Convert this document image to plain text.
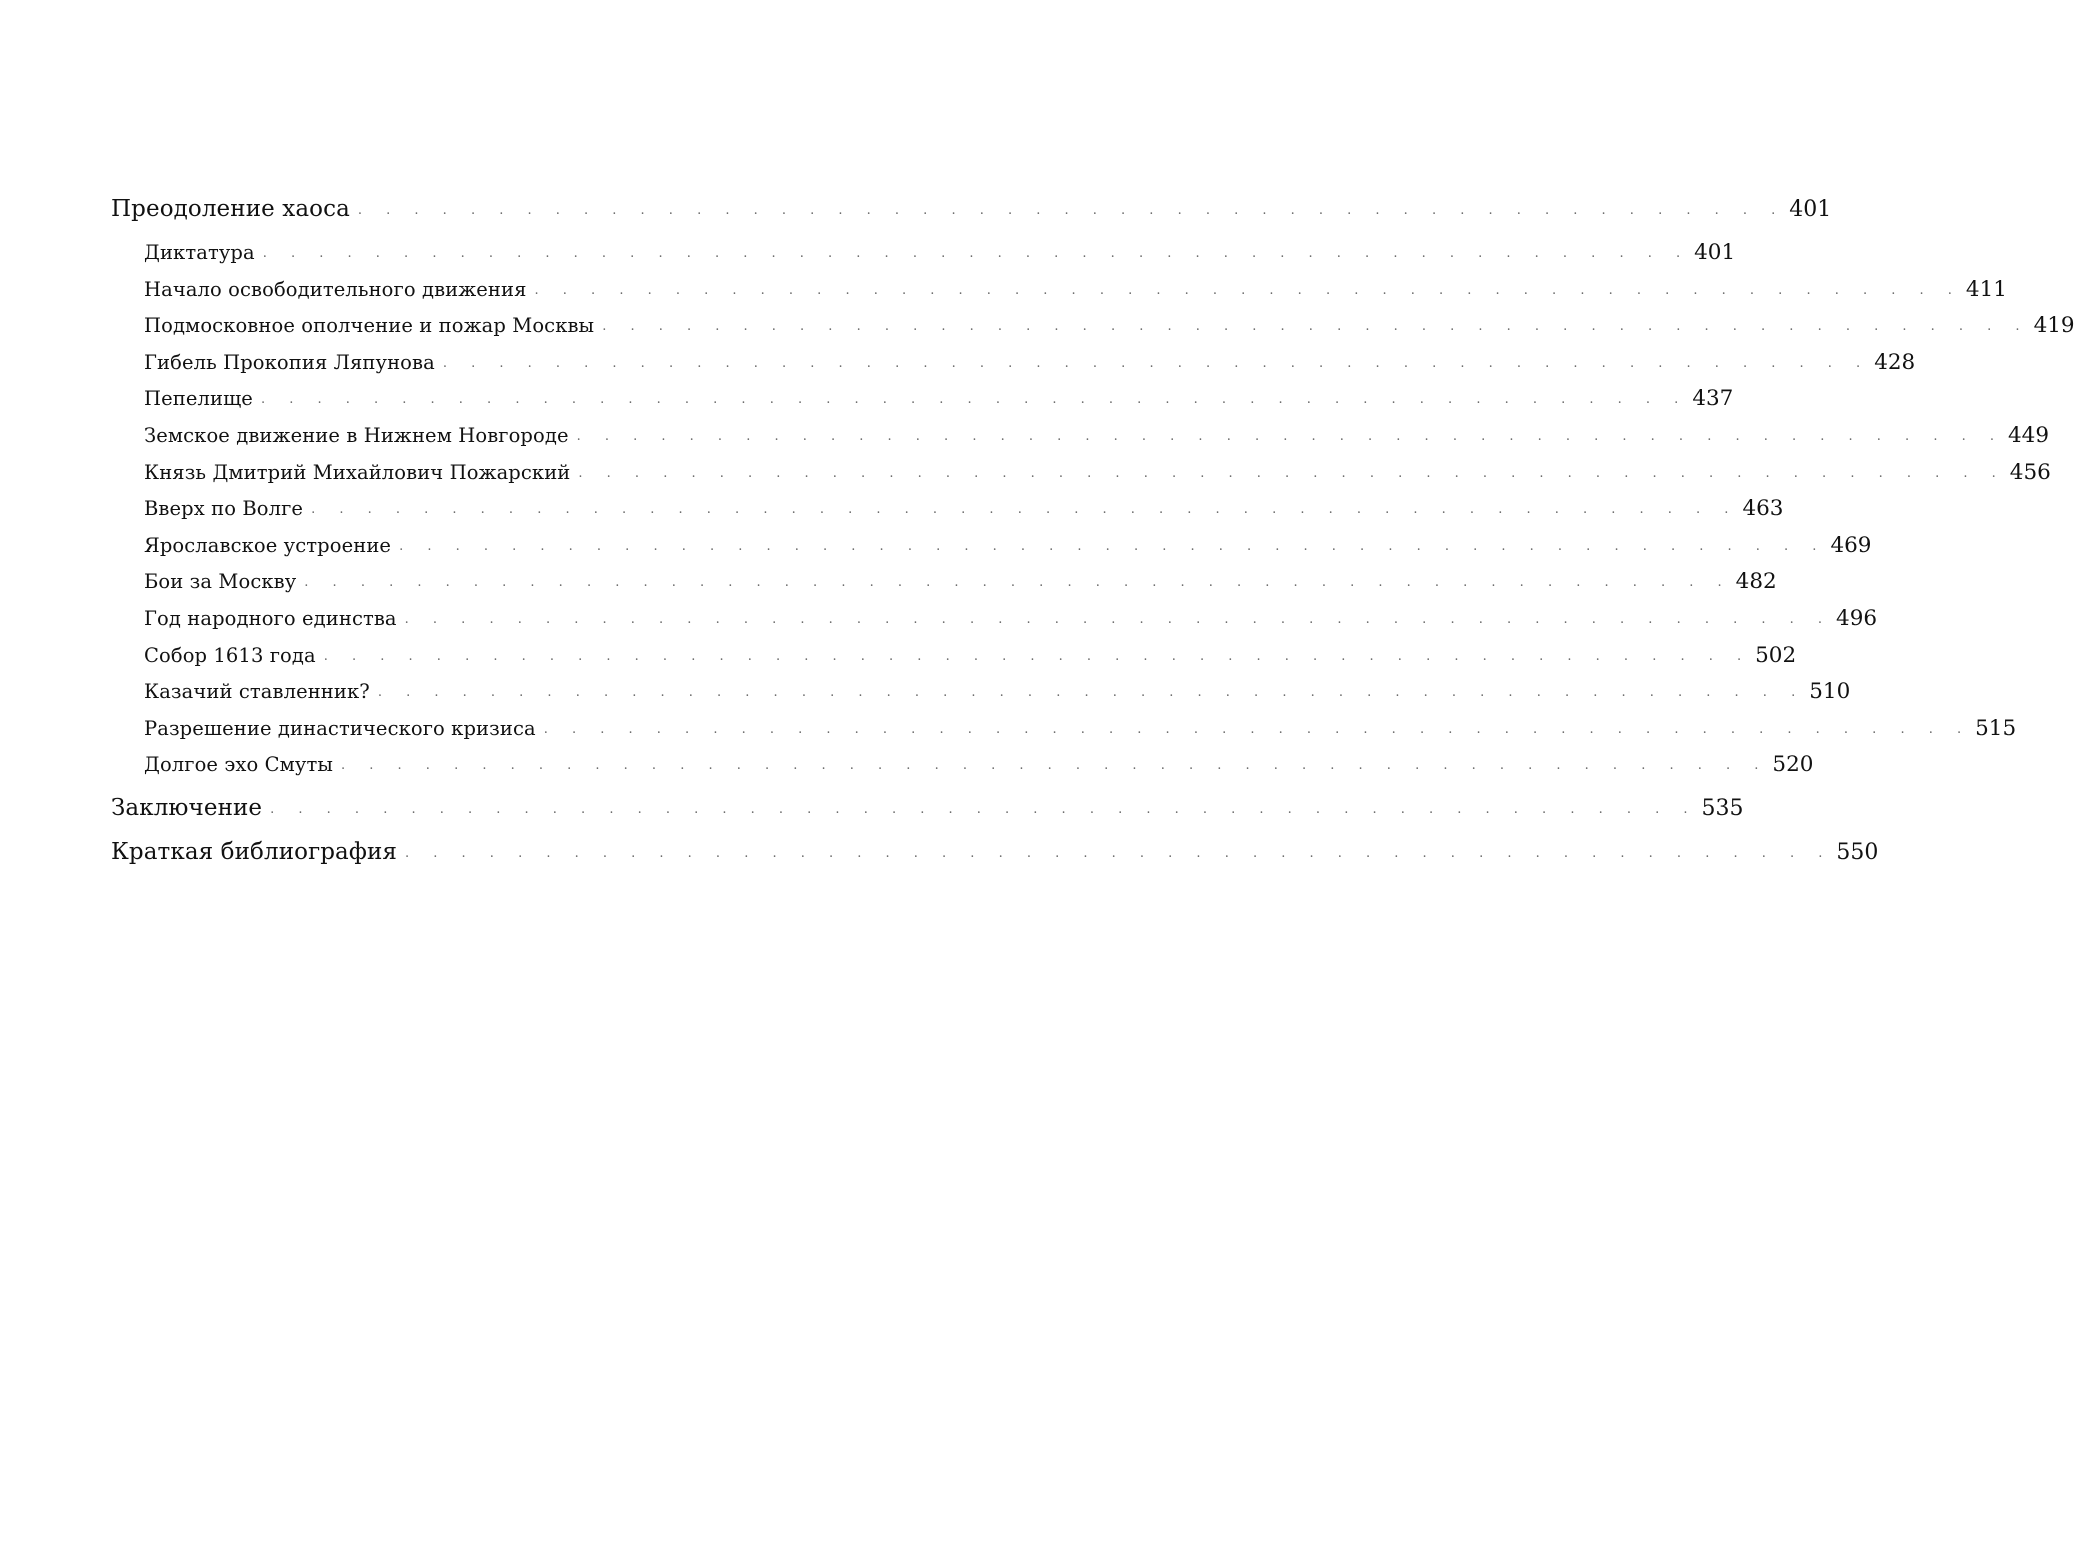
Преодоление хаоса . . . . . . . . . . . . . . . . . . . . . . . . . . . . . . . . . . . . . . . . . . . . . . . . . . . 401
Диктатура . . . . . . . . . . . . . . . . . . . . . . . . . . . . . . . . . . . . . . . . . . . . . . . . . . . 401
Начало освободительного движения . . . . . . . . . . . . . . . . . . . . . . . . . . . . . . . . . . . . . . . . . . . . . . . . . . . 411
Подмосковное ополчение и пожар Москвы . . . . . . . . . . . . . . . . . . . . . . . . . . . . . . . . . . . . . . . . . . . . . . . . . . . 419
Гибель Прокопия Ляпунова . . . . . . . . . . . . . . . . . . . . . . . . . . . . . . . . . . . . . . . . . . . . . . . . . . . 428
Пепелище . . . . . . . . . . . . . . . . . . . . . . . . . . . . . . . . . . . . . . . . . . . . . . . . . . . 437
Земское движение в Нижнем Новгороде . . . . . . . . . . . . . . . . . . . . . . . . . . . . . . . . . . . . . . . . . . . . . . . . . . . 449
Князь Дмитрий Михайлович Пожарский . . . . . . . . . . . . . . . . . . . . . . . . . . . . . . . . . . . . . . . . . . . . . . . . . . . 456
Вверх по Волге . . . . . . . . . . . . . . . . . . . . . . . . . . . . . . . . . . . . . . . . . . . . . . . . . . . 463
Ярославское устроение . . . . . . . . . . . . . . . . . . . . . . . . . . . . . . . . . . . . . . . . . . . . . . . . . . . 469
Бои за Москву . . . . . . . . . . . . . . . . . . . . . . . . . . . . . . . . . . . . . . . . . . . . . . . . . . . 482
Год народного единства . . . . . . . . . . . . . . . . . . . . . . . . . . . . . . . . . . . . . . . . . . . . . . . . . . . 496
Собор 1613 года . . . . . . . . . . . . . . . . . . . . . . . . . . . . . . . . . . . . . . . . . . . . . . . . . . . 502
Казачий ставленник? . . . . . . . . . . . . . . . . . . . . . . . . . . . . . . . . . . . . . . . . . . . . . . . . . . . 510
Разрешение династического кризиса . . . . . . . . . . . . . . . . . . . . . . . . . . . . . . . . . . . . . . . . . . . . . . . . . . . 515
Долгое эхо Смуты . . . . . . . . . . . . . . . . . . . . . . . . . . . . . . . . . . . . . . . . . . . . . . . . . . . 520
Заключение . . . . . . . . . . . . . . . . . . . . . . . . . . . . . . . . . . . . . . . . . . . . . . . . . . . 535
Краткая библиография . . . . . . . . . . . . . . . . . . . . . . . . . . . . . . . . . . . . . . . . . . . . . . . . . . . 550
